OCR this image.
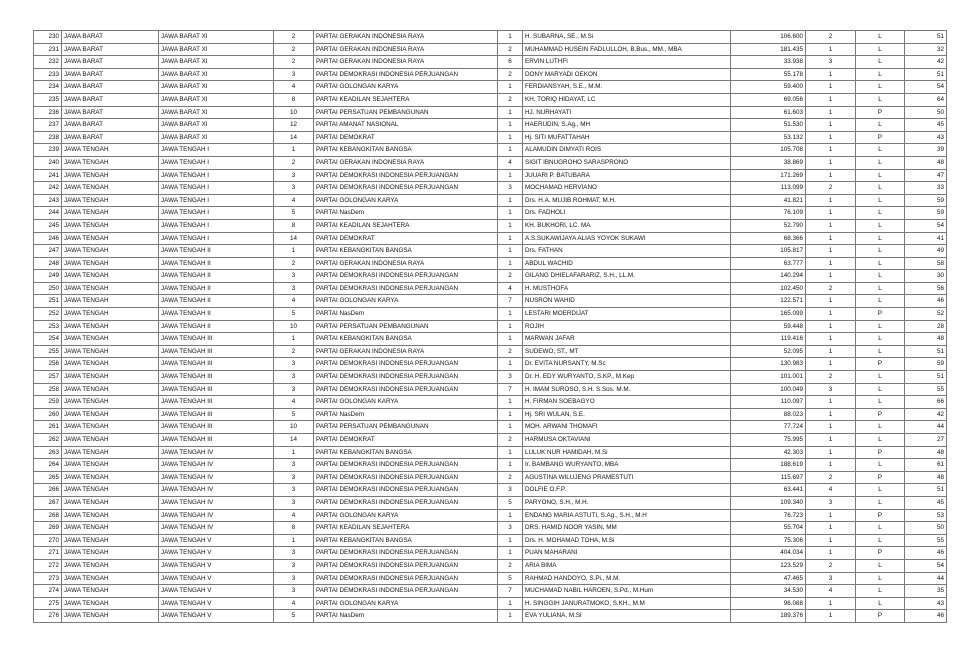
230	JAWA BARAT	JAWA BARAT XI	2	PARTAI GERAKAN INDONESIA RAYA	1	H. SUBARNA, SE., M.Si	106.600	2	L	51
231	JAWA BARAT	JAWA BARAT XI	2	PARTAI GERAKAN INDONESIA RAYA	2	MUHAMMAD HUSEIN FADLULLOH, B.Bus., MM., MBA	181.435	1	L	32
232	JAWA BARAT	JAWA BARAT XI	2	PARTAI GERAKAN INDONESIA RAYA	6	ERVIN LUTHFI	33.938	3	L	42
233	JAWA BARAT	JAWA BARAT XI	3	PARTAI DEMOKRASI INDONESIA PERJUANGAN	2	DONY MARYADI OEKON	55.178	1	L	51
234	JAWA BARAT	JAWA BARAT XI	4	PARTAI GOLONGAN KARYA	1	FERDIANSYAH, S.E., M.M.	59.400	1	L	54
235	JAWA BARAT	JAWA BARAT XI	8	PARTAI KEADILAN SEJAHTERA	2	KH. TORIQ HIDAYAT, LC	69.056	1	L	64
236	JAWA BARAT	JAWA BARAT XI	10	PARTAI PERSATUAN PEMBANGUNAN	1	HJ. NURHAYATI	61.603	1	P	50
237	JAWA BARAT	JAWA BARAT XI	12	PARTAI AMANAT NASIONAL	1	HAERUDIN, S.Ag., MH	51.530	1	L	45
238	JAWA BARAT	JAWA BARAT XI	14	PARTAI DEMOKRAT	1	Hj. SITI MUFATTAHAH	53.132	1	P	43
239	JAWA TENGAH	JAWA TENGAH I	1	PARTAI KEBANGKITAN BANGSA	1	ALAMUDIN DIMYATI ROIS	105.708	1	L	39
240	JAWA TENGAH	JAWA TENGAH I	2	PARTAI GERAKAN INDONESIA RAYA	4	SIGIT IBNUGROHO SARASPRONO	38.869	1	L	48
241	JAWA TENGAH	JAWA TENGAH I	3	PARTAI DEMOKRASI INDONESIA PERJUANGAN	1	JUUARI P. BATUBARA	171.269	1	L	47
242	JAWA TENGAH	JAWA TENGAH I	3	PARTAI DEMOKRASI INDONESIA PERJUANGAN	3	MOCHAMAD HERVIANO	113.099	2	L	33
243	JAWA TENGAH	JAWA TENGAH I	4	PARTAI GOLONGAN KARYA	1	Drs. H.A. MUJIB ROHMAT, M.H.	41.821	1	L	59
244	JAWA TENGAH	JAWA TENGAH I	5	PARTAI NasDem	1	Drs. FADHOLI	76.109	1	L	59
245	JAWA TENGAH	JAWA TENGAH I	8	PARTAI KEADILAN SEJAHTERA	1	KH. BUKHORI, LC. MA	52.790	1	L	54
246	JAWA TENGAH	JAWA TENGAH I	14	PARTAI DEMOKRAT	1	A.S.SUKAWIJAYA ALIAS YOYOK SUKAWI	68.366	1	L	41
247	JAWA TENGAH	JAWA TENGAH II	1	PARTAI KEBANGKITAN BANGSA	1	Drs. FATHAN	105.817	1	L	49
248	JAWA TENGAH	JAWA TENGAH II	2	PARTAI GERAKAN INDONESIA RAYA	1	ABDUL WACHID	63.777	1	L	58
249	JAWA TENGAH	JAWA TENGAH II	3	PARTAI DEMOKRASI INDONESIA PERJUANGAN	2	GILANG DHIELAFARARIZ, S.H., LL.M.	140.294	1	L	30
250	JAWA TENGAH	JAWA TENGAH II	3	PARTAI DEMOKRASI INDONESIA PERJUANGAN	4	H. MUSTHOFA	102.450	2	L	56
251	JAWA TENGAH	JAWA TENGAH II	4	PARTAI GOLONGAN KARYA	7	NUSRON WAHID	122.571	1	L	46
252	JAWA TENGAH	JAWA TENGAH II	5	PARTAI NasDem	1	LESTARI MOERDIJAT	165.099	1	P	52
253	JAWA TENGAH	JAWA TENGAH II	10	PARTAI PERSATUAN PEMBANGUNAN	1	ROJIH	59.448	1	L	28
254	JAWA TENGAH	JAWA TENGAH III	1	PARTAI KEBANGKITAN BANGSA	1	MARWAN JAFAR	119.416	1	L	48
255	JAWA TENGAH	JAWA TENGAH III	2	PARTAI GERAKAN INDONESIA RAYA	2	SUDEWO, ST., MT	52.095	1	L	51
256	JAWA TENGAH	JAWA TENGAH III	3	PARTAI DEMOKRASI INDONESIA PERJUANGAN	1	Dr. EVITA NURSANTY, M.Sc	130.983	1	P	59
257	JAWA TENGAH	JAWA TENGAH III	3	PARTAI DEMOKRASI INDONESIA PERJUANGAN	3	Dr. H. EDY WURYANTO, S.KP., M.Kep	101.001	2	L	51
258	JAWA TENGAH	JAWA TENGAH III	3	PARTAI DEMOKRASI INDONESIA PERJUANGAN	7	H. IMAM SUROSO, S.H. S.Sos. M.M.	100.049	3	L	55
259	JAWA TENGAH	JAWA TENGAH III	4	PARTAI GOLONGAN KARYA	1	H. FIRMAN SOEBAGYO	110.097	1	L	66
260	JAWA TENGAH	JAWA TENGAH III	5	PARTAI NasDem	1	Hj. SRI WULAN, S.E.	88.023	1	P	42
261	JAWA TENGAH	JAWA TENGAH III	10	PARTAI PERSATUAN PEMBANGUNAN	1	MOH. ARWANI THOMAFI	77.724	1	L	44
262	JAWA TENGAH	JAWA TENGAH III	14	PARTAI DEMOKRAT	2	HARMUSA OKTAVIANI	75.995	1	L	27
263	JAWA TENGAH	JAWA TENGAH IV	1	PARTAI KEBANGKITAN BANGSA	1	LULUK NUR HAMIDAH, M.Si	42.303	1	P	48
264	JAWA TENGAH	JAWA TENGAH IV	3	PARTAI DEMOKRASI INDONESIA PERJUANGAN	1	Ir. BAMBANG WURYANTO, MBA	188.619	1	L	61
265	JAWA TENGAH	JAWA TENGAH IV	3	PARTAI DEMOKRASI INDONESIA PERJUANGAN	2	AGUSTINA WILUJENG PRAMESTUTI	115.697	2	P	48
266	JAWA TENGAH	JAWA TENGAH IV	3	PARTAI DEMOKRASI INDONESIA PERJUANGAN	3	DOLFIE O.F.P.	63.441	4	L	51
267	JAWA TENGAH	JAWA TENGAH IV	3	PARTAI DEMOKRASI INDONESIA PERJUANGAN	5	PARYONO, S.H., M.H.	109.340	3	L	45
268	JAWA TENGAH	JAWA TENGAH IV	4	PARTAI GOLONGAN KARYA	1	ENDANG MARIA ASTUTI, S.Ag., S.H., M.H	76.723	1	P	53
269	JAWA TENGAH	JAWA TENGAH IV	8	PARTAI KEADILAN SEJAHTERA	3	DRS. HAMID NOOR YASIN, MM	55.704	1	L	50
270	JAWA TENGAH	JAWA TENGAH V	1	PARTAI KEBANGKITAN BANGSA	1	Drs. H. MOHAMAD TOHA, M.Si	75.306	1	L	55
271	JAWA TENGAH	JAWA TENGAH V	3	PARTAI DEMOKRASI INDONESIA PERJUANGAN	1	PUAN MAHARANI	404.034	1	P	46
272	JAWA TENGAH	JAWA TENGAH V	3	PARTAI DEMOKRASI INDONESIA PERJUANGAN	2	ARIA BIMA	123.529	2	L	54
273	JAWA TENGAH	JAWA TENGAH V	3	PARTAI DEMOKRASI INDONESIA PERJUANGAN	5	RAHMAD HANDOYO, S.Pi., M.M.	47.465	3	L	44
274	JAWA TENGAH	JAWA TENGAH V	3	PARTAI DEMOKRASI INDONESIA PERJUANGAN	7	MUCHAMAD NABIL HAROEN, S.Pd., M.Hum	34.530	4	L	35
275	JAWA TENGAH	JAWA TENGAH V	4	PARTAI GOLONGAN KARYA	1	H. SINGGIH JANURATMOKO, S.KH., M.M	96.088	1	L	43
276	JAWA TENGAH	JAWA TENGAH V	5	PARTAI NasDem	1	EVA YULIANA, M.Si	189.376	1	P	46
